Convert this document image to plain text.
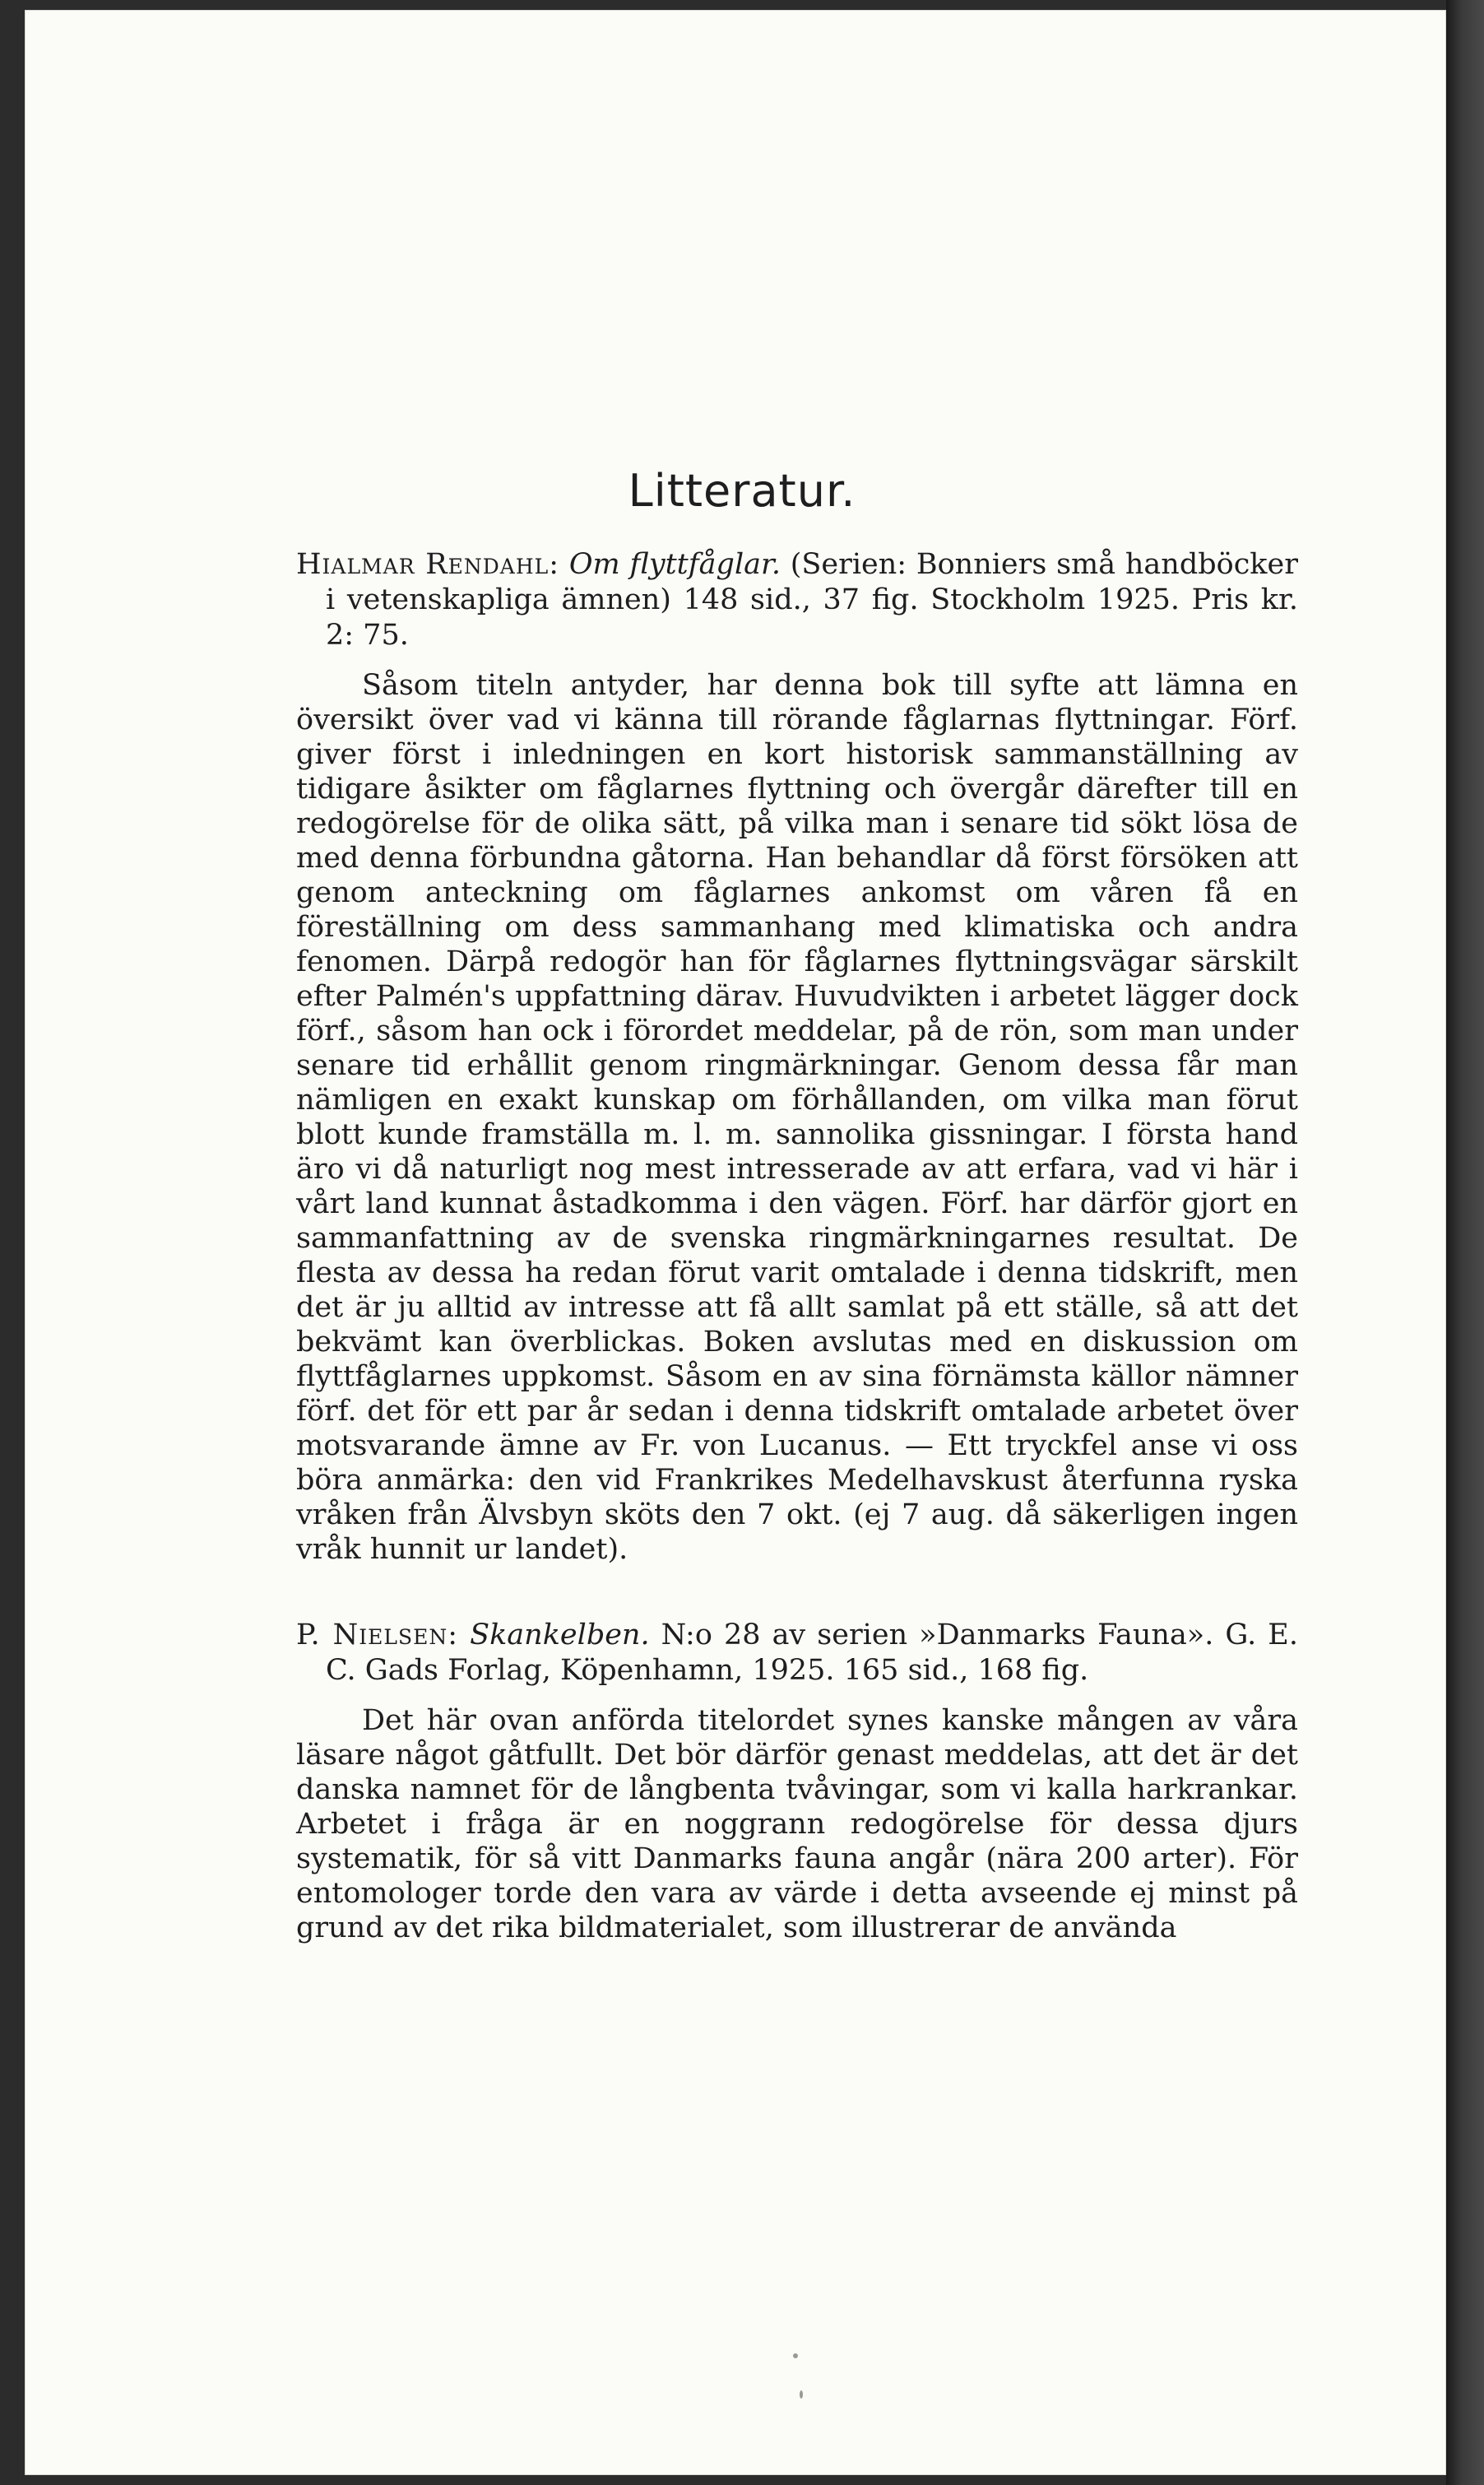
Litteratur.

Hialmar Rendahl: Om flyttfåglar. (Serien: Bonniers små handböcker i vetenskapliga ämnen) 148 sid., 37 fig. Stockholm 1925. Pris kr. 2: 75.

Såsom titeln antyder, har denna bok till syfte att lämna en översikt över vad vi känna till rörande fåglarnas flyttningar. Förf. giver först i inledningen en kort historisk sammanställning av tidigare åsikter om fåglarnes flyttning och övergår därefter till en redogörelse för de olika sätt, på vilka man i senare tid sökt lösa de med denna förbundna gåtorna. Han behandlar då först försöken att genom anteckning om fåglarnes ankomst om våren få en föreställning om dess sammanhang med klimatiska och andra fenomen. Därpå redogör han för fåglarnes flyttningsvägar särskilt efter Palmén's uppfattning därav. Huvudvikten i arbetet lägger dock förf., såsom han ock i förordet meddelar, på de rön, som man under senare tid erhållit genom ringmärkningar. Genom dessa får man nämligen en exakt kunskap om förhållanden, om vilka man förut blott kunde framställa m. l. m. sannolika gissningar. I första hand äro vi då naturligt nog mest intresserade av att erfara, vad vi här i vårt land kunnat åstadkomma i den vägen. Förf. har därför gjort en sammanfattning av de svenska ringmärkningarnes resultat. De flesta av dessa ha redan förut varit omtalade i denna tidskrift, men det är ju alltid av intresse att få allt samlat på ett ställe, så att det bekvämt kan överblickas. Boken avslutas med en diskussion om flyttfåglarnes uppkomst. Såsom en av sina förnämsta källor nämner förf. det för ett par år sedan i denna tidskrift omtalade arbetet över motsvarande ämne av Fr. von Lucanus. — Ett tryckfel anse vi oss böra anmärka: den vid Frankrikes Medelhavskust återfunna ryska vråken från Älvsbyn sköts den 7 okt. (ej 7 aug. då säkerligen ingen vråk hunnit ur landet).

P. Nielsen: Skankelben. N:o 28 av serien »Danmarks Fauna». G. E. C. Gads Forlag, Köpenhamn, 1925. 165 sid., 168 fig.

Det här ovan anförda titelordet synes kanske mången av våra läsare något gåtfullt. Det bör därför genast meddelas, att det är det danska namnet för de långbenta tvåvingar, som vi kalla harkrankar. Arbetet i fråga är en noggrann redogörelse för dessa djurs systematik, för så vitt Danmarks fauna angår (nära 200 arter). För entomologer torde den vara av värde i detta avseende ej minst på grund av det rika bildmaterialet, som illustrerar de använda
